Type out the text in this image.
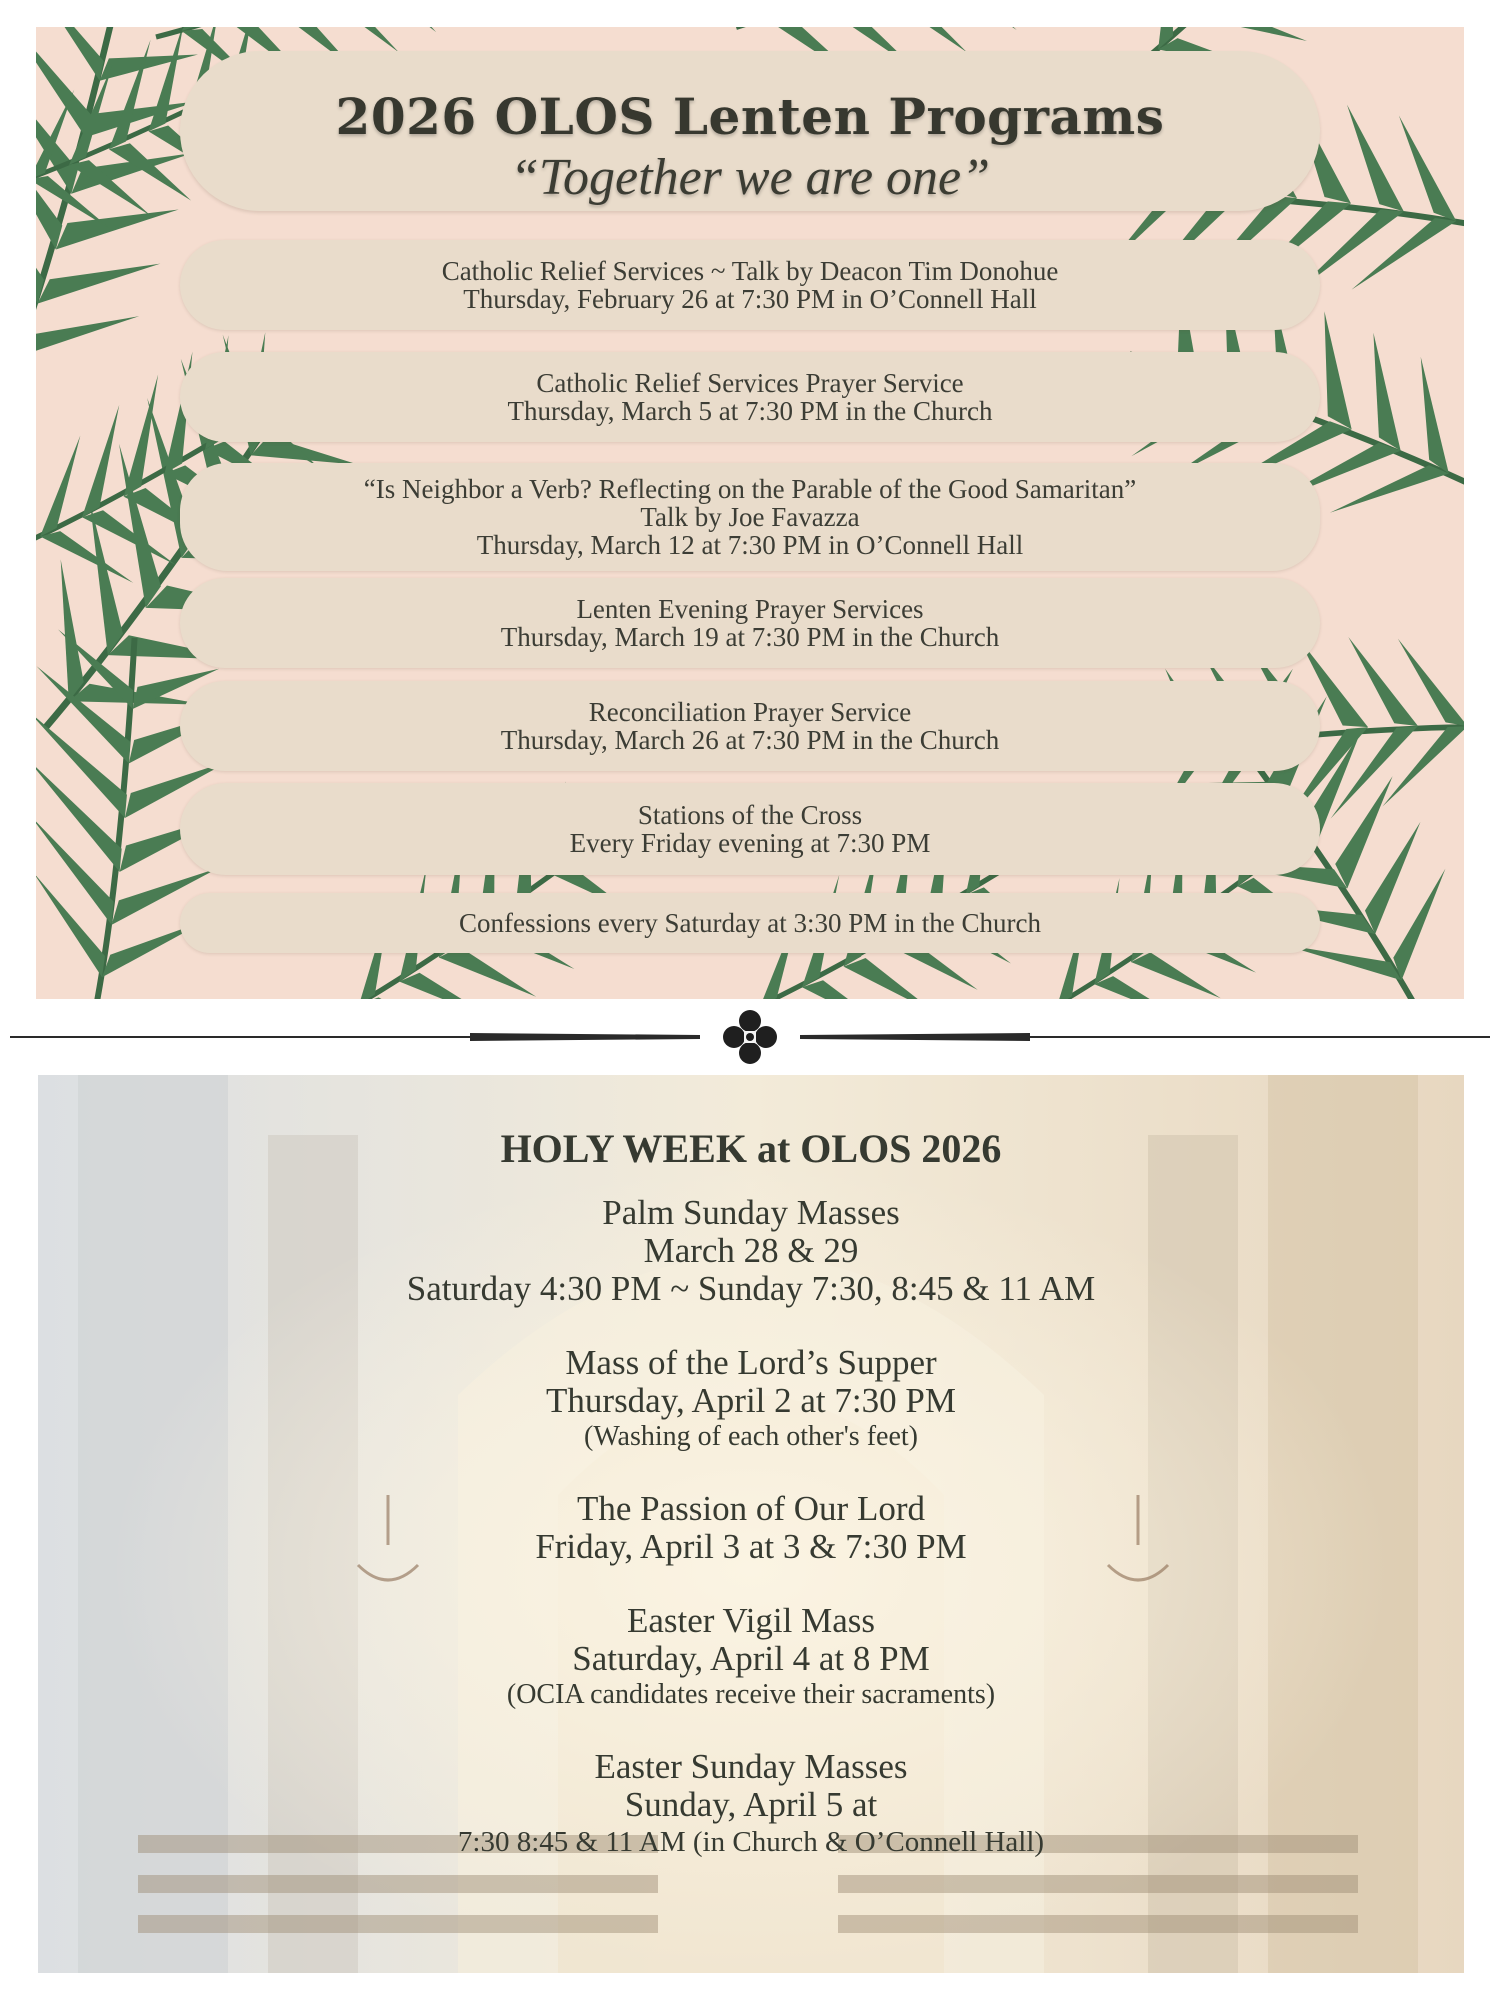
2026 OLOS Lenten Programs
“Together we are one”
Catholic Relief Services ~ Talk by Deacon Tim Donohue
Thursday, February 26 at 7:30 PM in O’Connell Hall
Catholic Relief Services Prayer Service
Thursday, March 5 at 7:30 PM in the Church
“Is Neighbor a Verb? Reflecting on the Parable of the Good Samaritan”
Talk by Joe Favazza
Thursday, March 12 at 7:30 PM in O’Connell Hall
Lenten Evening Prayer Services
Thursday, March 19 at 7:30 PM in the Church
Reconciliation Prayer Service
Thursday, March 26 at 7:30 PM in the Church
Stations of the Cross
Every Friday evening at 7:30 PM
Confessions every Saturday at 3:30 PM in the Church
HOLY WEEK at OLOS 2026
Palm Sunday Masses
March 28 & 29
Saturday 4:30 PM ~ Sunday 7:30, 8:45 & 11 AM
Mass of the Lord’s Supper
Thursday, April 2 at 7:30 PM
(Washing of each other's feet)
The Passion of Our Lord
Friday, April 3 at 3 & 7:30 PM
Easter Vigil Mass
Saturday, April 4 at 8 PM
(OCIA candidates receive their sacraments)
Easter Sunday Masses
Sunday, April 5 at
7:30 8:45 & 11 AM (in Church & O’Connell Hall)
